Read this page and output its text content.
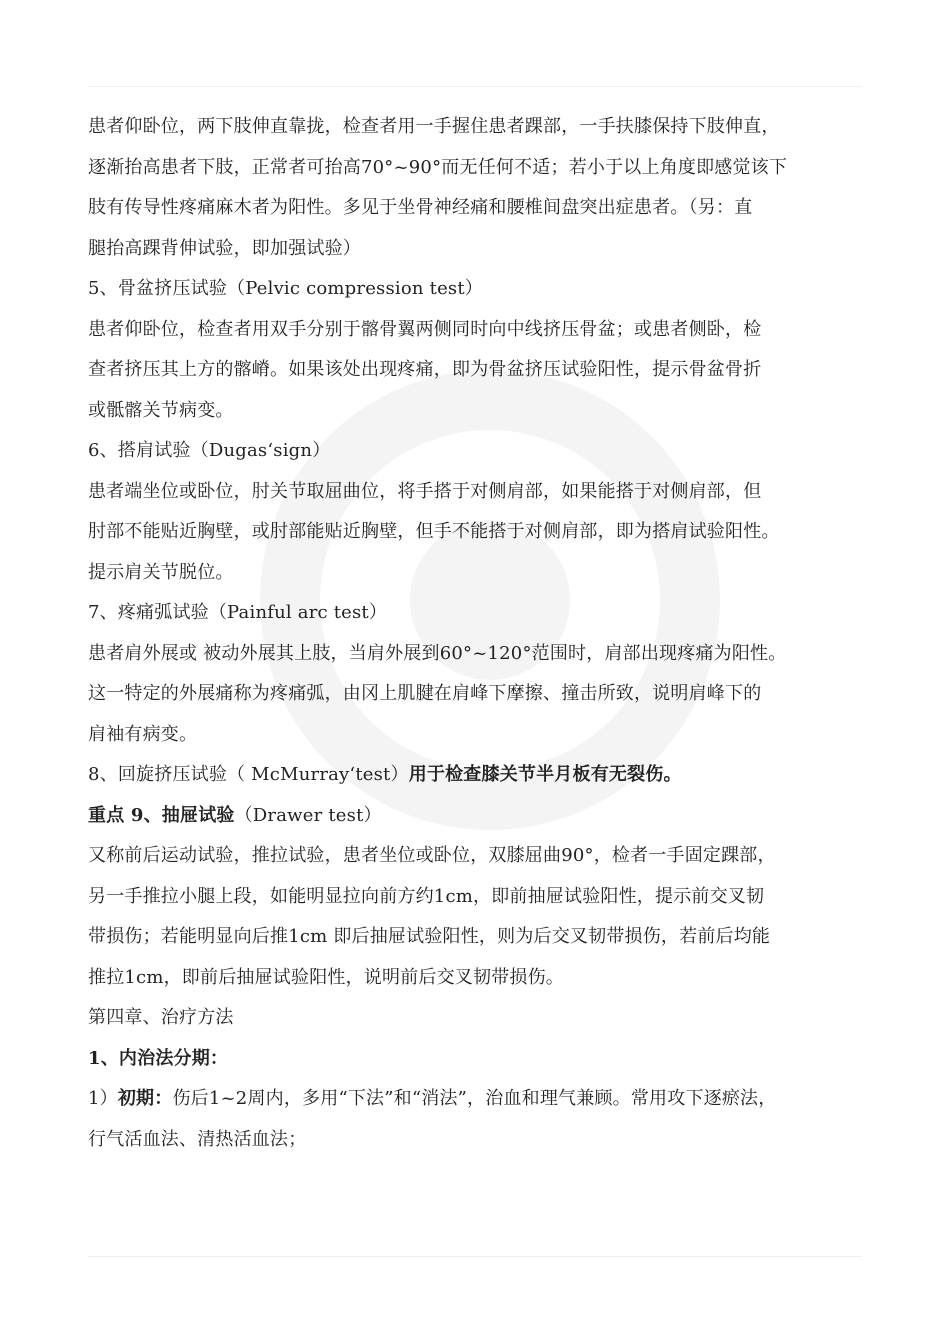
患者仰卧位，两下肢伸直靠拢，检查者用一手握住患者踝部，一手扶膝保持下肢伸直，
逐渐抬高患者下肢，正常者可抬高70°~90°而无任何不适；若小于以上角度即感觉该下
肢有传导性疼痛麻木者为阳性。多见于坐骨神经痛和腰椎间盘突出症患者。（另：直
腿抬高踝背伸试验，即加强试验）
5、骨盆挤压试验（Pelvic compression test）
患者仰卧位，检查者用双手分别于髂骨翼两侧同时向中线挤压骨盆；或患者侧卧，检
查者挤压其上方的髂嵴。如果该处出现疼痛，即为骨盆挤压试验阳性，提示骨盆骨折
或骶髂关节病变。
6、搭肩试验（Dugas‘sign）
患者端坐位或卧位，肘关节取屈曲位，将手搭于对侧肩部，如果能搭于对侧肩部，但
肘部不能贴近胸壁，或肘部能贴近胸壁，但手不能搭于对侧肩部，即为搭肩试验阳性。
提示肩关节脱位。
7、疼痛弧试验（Painful arc test）
患者肩外展或 被动外展其上肢，当肩外展到60°~120°范围时，肩部出现疼痛为阳性。
这一特定的外展痛称为疼痛弧，由冈上肌腱在肩峰下摩擦、撞击所致，说明肩峰下的
肩袖有病变。
8、回旋挤压试验（ McMurray‘test）用于检查膝关节半月板有无裂伤。
重点 9、抽屉试验（Drawer test）
又称前后运动试验，推拉试验，患者坐位或卧位，双膝屈曲90°，检者一手固定踝部，
另一手推拉小腿上段，如能明显拉向前方约1cm，即前抽屉试验阳性，提示前交叉韧
带损伤；若能明显向后推1cm 即后抽屉试验阳性，则为后交叉韧带损伤，若前后均能
推拉1cm，即前后抽屉试验阳性，说明前后交叉韧带损伤。
第四章、治疗方法
1、内治法分期：
1）初期：伤后1~2周内，多用“下法”和“消法”，治血和理气兼顾。常用攻下逐瘀法，
行气活血法、清热活血法；
